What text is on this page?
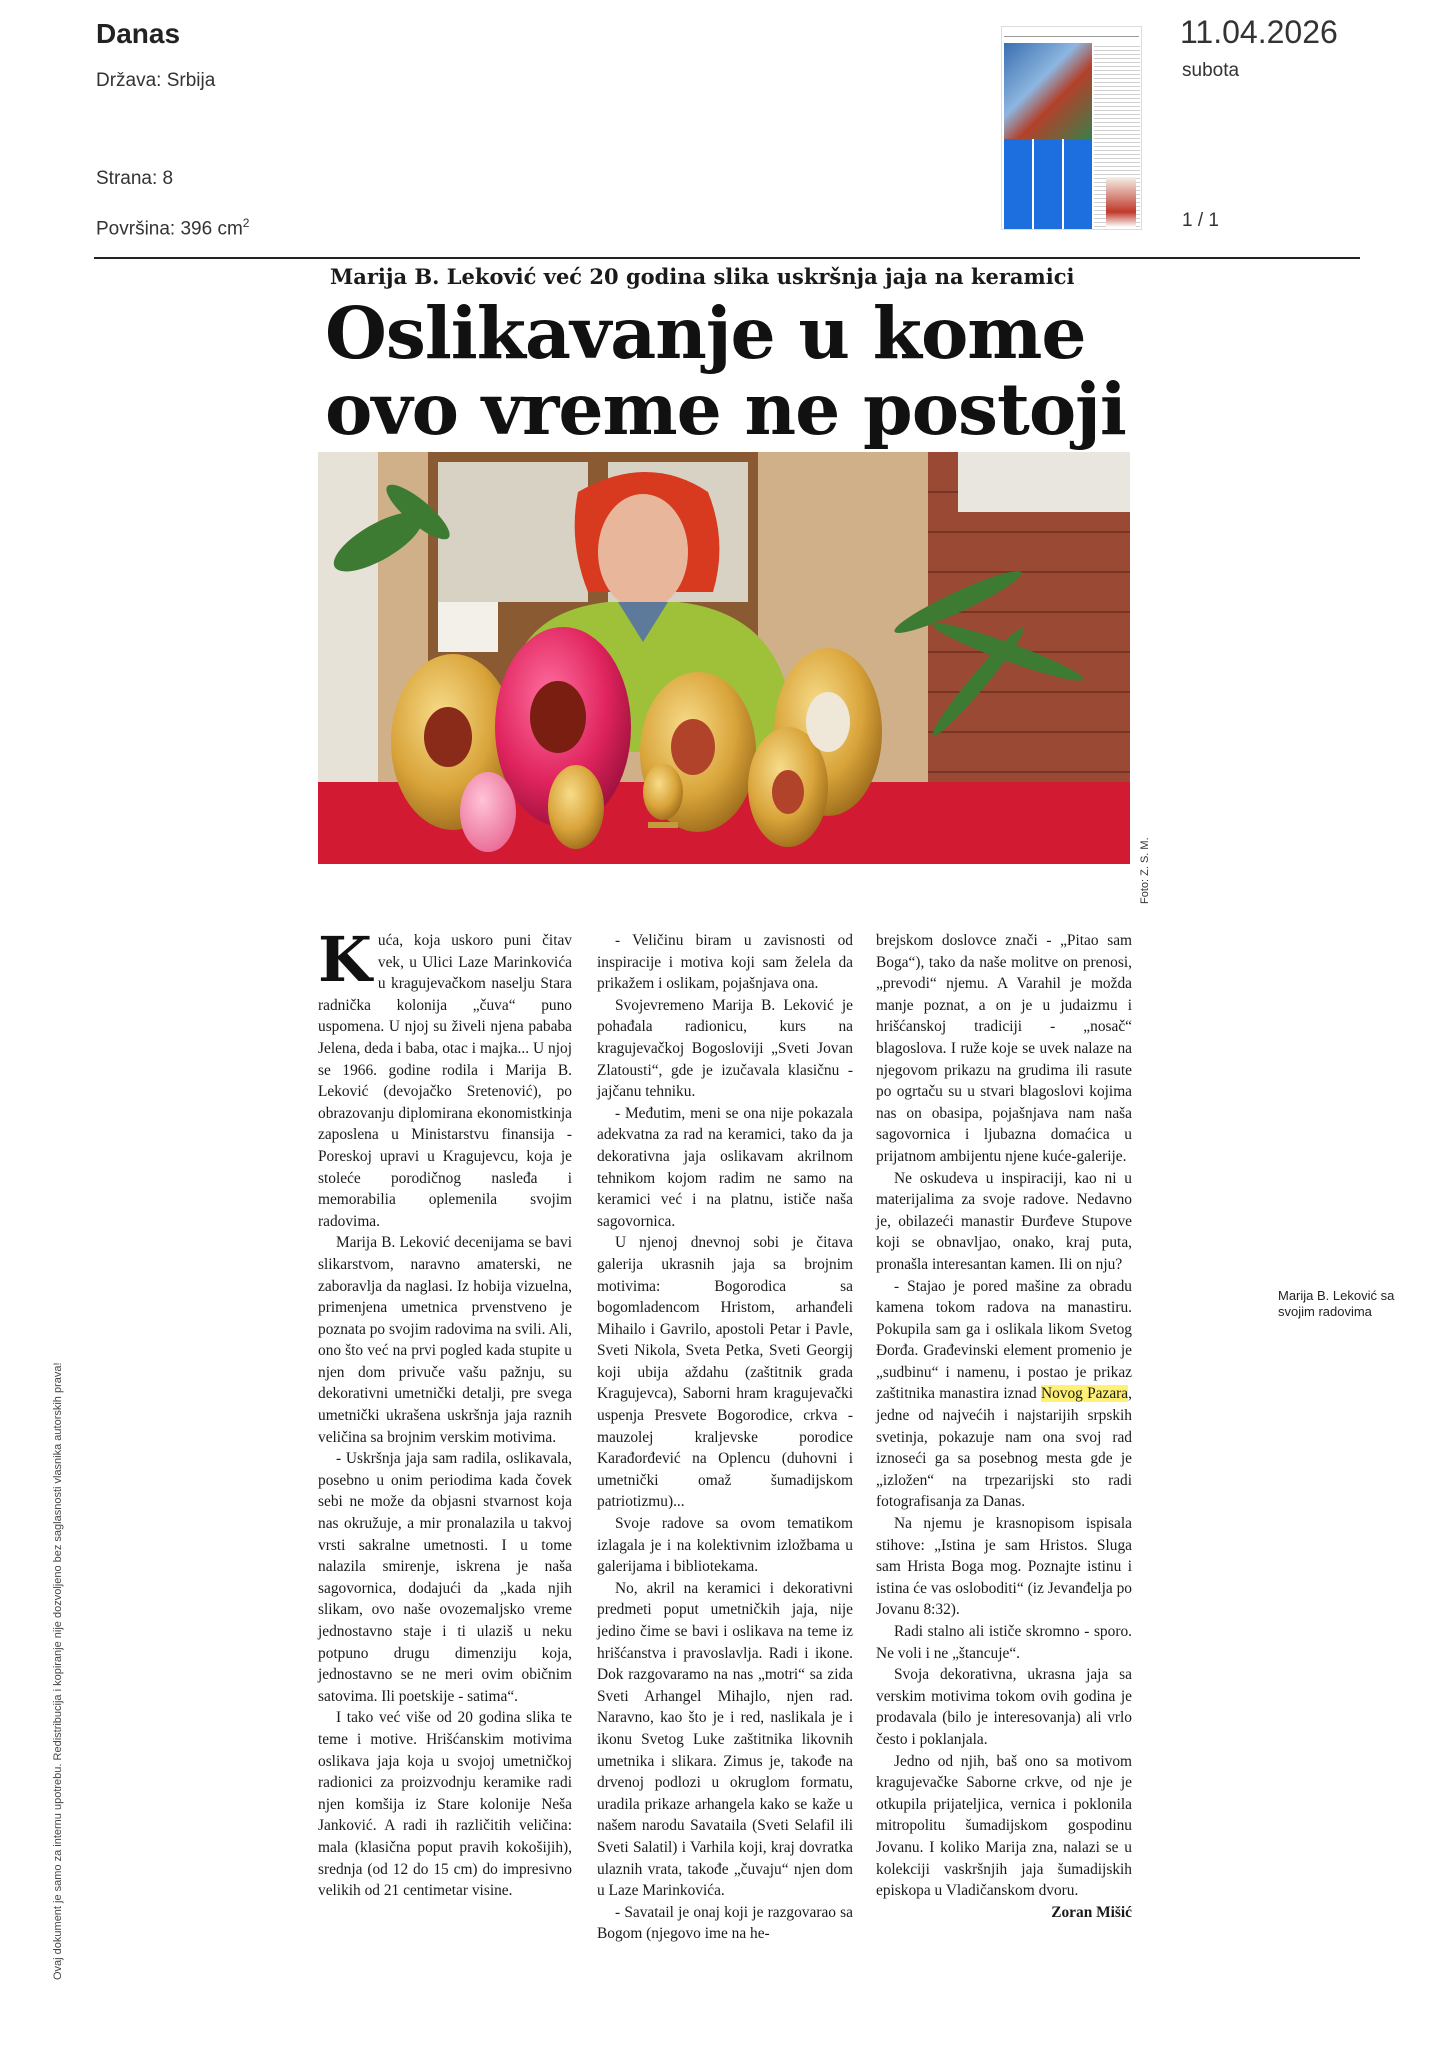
Danas
Država: Srbija
Strana: 8
Površina: 396 $cm^2$
11.04.2026
subota
1 / 1
Ovaj dokument je samo za internu upotrebu. Redistribucija i kopiranje nije dozvoljeno bez saglasnosti vlasnika autorskih prava!
Marija B. Leković već 20 godina slika uskršnja jaja na keramici
Oslikavanje u kome ovo vreme ne postoji
Marija B. Leković sa svojim radovima
Foto: Z. S. M.

Kuća, koja uskoro puni čitav vek, u Ulici Laze Marinkovića u kragujevačkom naselju Stara radnička kolonija „čuva“ puno uspomena. U njoj su živeli njena pababa Jelena, deda i baba, otac i majka... U njoj se 1966. godine rodila i Marija B. Leković (devojačko Sretenović), po obrazovanju diplomirana ekonomistkinja zaposlena u Ministarstvu finansija - Poreskoj upravi u Kragujevcu, koja je stoleće porodičnog nasleđa i memorabilia oplemenila svojim radovima.

Marija B. Leković decenijama se bavi slikarstvom, naravno amaterski, ne zaboravlja da naglasi. Iz hobija vizuelna, primenjena umetnica prvenstveno je poznata po svojim radovima na svili. Ali, ono što već na prvi pogled kada stupite u njen dom privuče vašu pažnju, su dekorativni umetnički detalji, pre svega umetnički ukrašena uskršnja jaja raznih veličina sa brojnim verskim motivima.

- Uskršnja jaja sam radila, oslikavala, posebno u onim periodima kada čovek sebi ne može da objasni stvarnost koja nas okružuje, a mir pronalazila u takvoj vrsti sakralne umetnosti. I u tome nalazila smirenje, iskrena je naša sagovornica, dodajući da „kada njih slikam, ovo naše ovozemaljsko vreme jednostavno staje i ti ulaziš u neku potpuno drugu dimenziju koja, jednostavno se ne meri ovim običnim satovima. Ili poetskije - satima“.

I tako već više od 20 godina slika te teme i motive. Hrišćanskim motivima oslikava jaja koja u svojoj umetničkoj radionici za proizvodnju keramike radi njen komšija iz Stare kolonije Neša Janković. A radi ih različitih veličina: mala (klasična poput pravih kokošijih), srednja (od 12 do 15 cm) do impresivno velikih od 21 centimetar visine.

- Veličinu biram u zavisnosti od inspiracije i motiva koji sam želela da prikažem i oslikam, pojašnjava ona.

Svojevremeno Marija B. Leković je pohađala radionicu, kurs na kragujevačkoj Bogosloviji „Sveti Jovan Zlatousti“, gde je izučavala klasičnu - jajčanu tehniku.

- Međutim, meni se ona nije pokazala adekvatna za rad na keramici, tako da ja dekorativna jaja oslikavam akrilnom tehnikom kojom radim ne samo na keramici već i na platnu, ističe naša sagovornica.

U njenoj dnevnoj sobi je čitava galerija ukrasnih jaja sa brojnim motivima: Bogorodica sa bogomladencom Hristom, arhanđeli Mihailo i Gavrilo, apostoli Petar i Pavle, Sveti Nikola, Sveta Petka, Sveti Georgij koji ubija aždahu (zaštitnik grada Kragujevca), Saborni hram kragujevački uspenja Presvete Bogorodice, crkva - mauzolej kraljevske porodice Karađorđević na Oplencu (duhovni i umetnički omaž šumadijskom patriotizmu)...

Svoje radove sa ovom tematikom izlagala je i na kolektivnim izložbama u galerijama i bibliotekama.

No, akril na keramici i dekorativni predmeti poput umetničkih jaja, nije jedino čime se bavi i oslikava na teme iz hrišćanstva i pravoslavlja. Radi i ikone. Dok razgovaramo na nas „motri“ sa zida Sveti Arhangel Mihajlo, njen rad. Naravno, kao što je i red, naslikala je i ikonu Svetog Luke zaštitnika likovnih umetnika i slikara. Zimus je, takođe na drvenoj podlozi u okruglom formatu, uradila prikaze arhangela kako se kaže u našem narodu Savataila (Sveti Selafil ili Sveti Salatil) i Varhila koji, kraj dovratka ulaznih vrata, takođe „čuvaju“ njen dom u Laze Marinkovića.

- Savatail je onaj koji je razgovarao sa Bogom (njegovo ime na he-

brejskom doslovce znači - „Pitao sam Boga“), tako da naše molitve on prenosi, „prevodi“ njemu. A Varahil je možda manje poznat, a on je u judaizmu i hrišćanskoj tradiciji - „nosač“ blagoslova. I ruže koje se uvek nalaze na njegovom prikazu na grudima ili rasute po ogrtaču su u stvari blagoslovi kojima nas on obasipa, pojašnjava nam naša sagovornica i ljubazna domaćica u prijatnom ambijentu njene kuće-galerije.

Ne oskudeva u inspiraciji, kao ni u materijalima za svoje radove. Nedavno je, obilazeći manastir Đurđeve Stupove koji se obnavljao, onako, kraj puta, pronašla interesantan kamen. Ili on nju?

- Stajao je pored mašine za obradu kamena tokom radova na manastiru. Pokupila sam ga i oslikala likom Svetog Đorđa. Građevinski element promenio je „sudbinu“ i namenu, i postao je prikaz zaštitnika manastira iznad Novog Pazara, jedne od najvećih i najstarijih srpskih svetinja, pokazuje nam ona svoj rad iznoseći ga sa posebnog mesta gde je „izložen“ na trpezarijski sto radi fotografisanja za Danas.

Na njemu je krasnopisom ispisala stihove: „Istina je sam Hristos. Sluga sam Hrista Boga mog. Poznajte istinu i istina će vas osloboditi“ (iz Jevanđelja po Jovanu 8:32).

Radi stalno ali ističe skromno - sporo. Ne voli i ne „štancuje“.

Svoja dekorativna, ukrasna jaja sa verskim motivima tokom ovih godina je prodavala (bilo je interesovanja) ali vrlo često i poklanjala.

Jedno od njih, baš ono sa motivom kragujevačke Saborne crkve, od nje je otkupila prijateljica, vernica i poklonila mitropolitu šumadijskom gospodinu Jovanu. I koliko Marija zna, nalazi se u kolekciji vaskršnjih jaja šumadijskih episkopa u Vladičanskom dvoru.
Zoran Mišić
